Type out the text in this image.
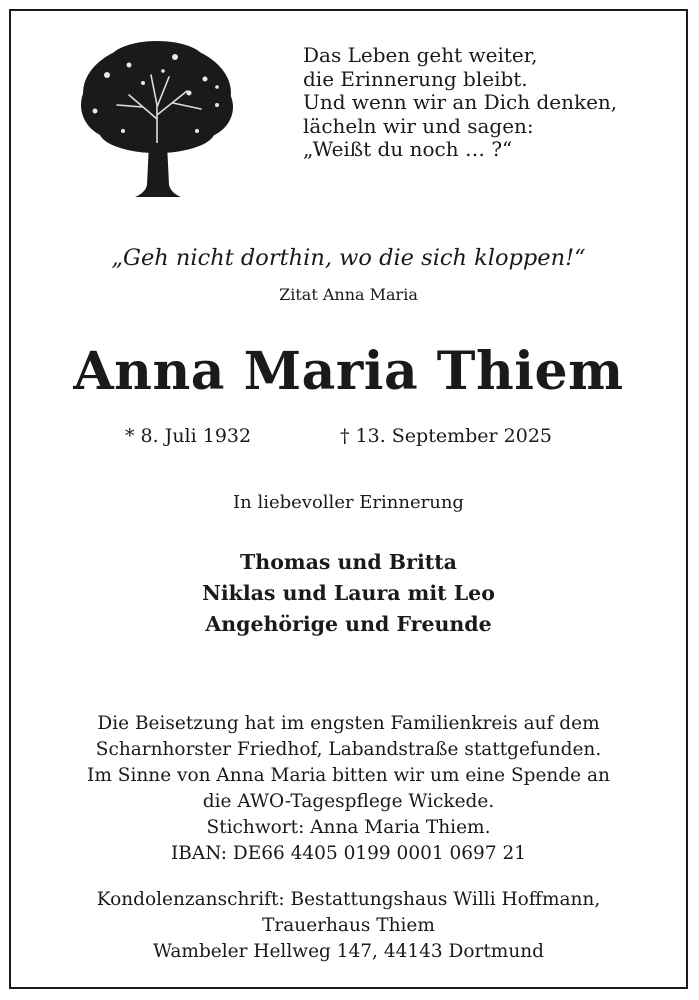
Das Leben geht weiter,
die Erinnerung bleibt.
Und wenn wir an Dich denken,
lächeln wir und sagen:
„Weißt du noch … ?“
„Geh nicht dorthin, wo die sich kloppen!“
Zitat Anna Maria
Anna Maria Thiem
* 8. Juli 1932	† 13. September 2025
In liebevoller Erinnerung
Thomas und Britta
Niklas und Laura mit Leo
Angehörige und Freunde
Die Beisetzung hat im engsten Familienkreis auf dem
Scharnhorster Friedhof, Labandstraße stattgefunden.
Im Sinne von Anna Maria bitten wir um eine Spende an
die AWO-Tagespflege Wickede.
Stichwort: Anna Maria Thiem.
IBAN: DE66 4405 0199 0001 0697 21
Kondolenzanschrift: Bestattungshaus Willi Hoffmann,
Trauerhaus Thiem
Wambeler Hellweg 147, 44143 Dortmund
